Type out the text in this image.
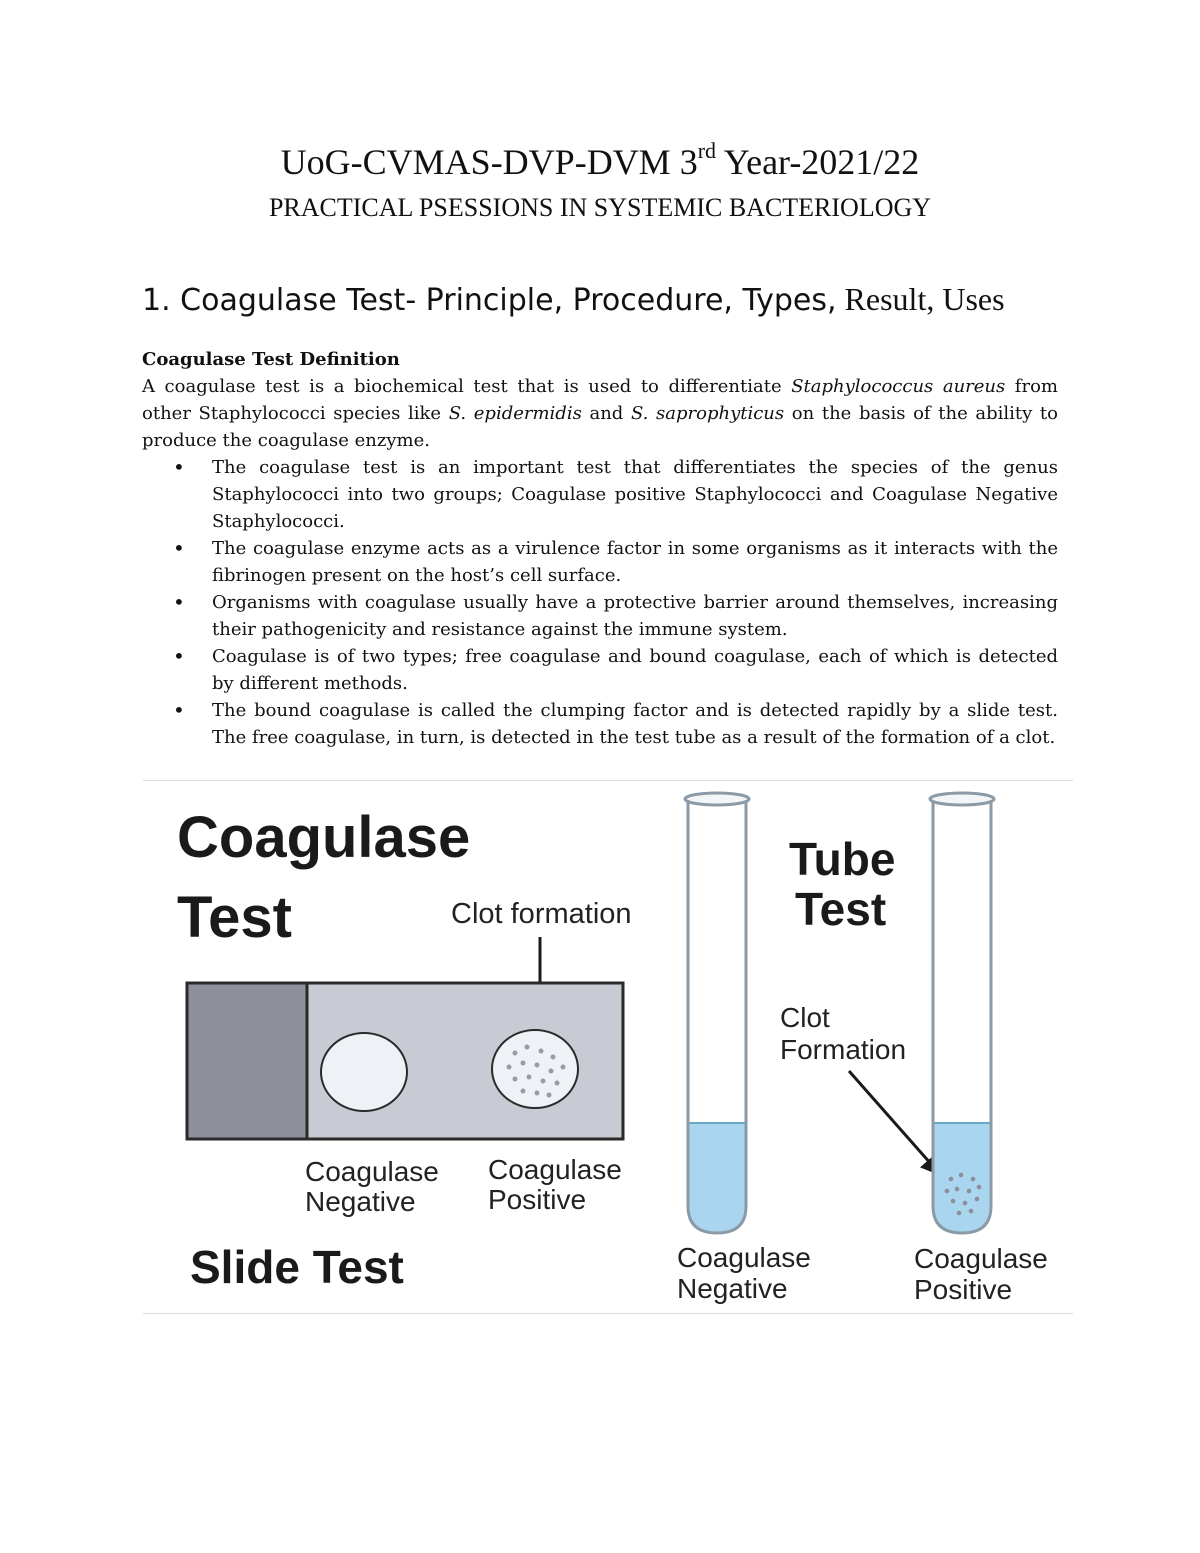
UoG-CVMAS-DVP-DVM 3rd Year-2021/22
PRACTICAL PSESSIONS IN SYSTEMIC BACTERIOLOGY
1. Coagulase Test- Principle, Procedure, Types, Result, Uses
Coagulase Test Definition
A coagulase test is a biochemical test that is used to differentiate Staphylococcus aureus from other Staphylococci species like S. epidermidis and S. saprophyticus on the basis of the ability to produce the coagulase enzyme.
• The coagulase test is an important test that differentiates the species of the genus Staphylococci into two groups; Coagulase positive Staphylococci and Coagulase Negative Staphylococci.
• The coagulase enzyme acts as a virulence factor in some organisms as it interacts with the fibrinogen present on the host’s cell surface.
• Organisms with coagulase usually have a protective barrier around themselves, increasing their pathogenicity and resistance against the immune system.
• Coagulase is of two types; free coagulase and bound coagulase, each of which is detected by different methods.
• The bound coagulase is called the clumping factor and is detected rapidly by a slide test. The free coagulase, in turn, is detected in the test tube as a result of the formation of a clot.
Coagulase
Test	Clot formation
Coagulase
Negative
Coagulase
Positive
Slide Test
Tube
Test
Clot
Formation
Coagulase
Negative
Coagulase
Positive
